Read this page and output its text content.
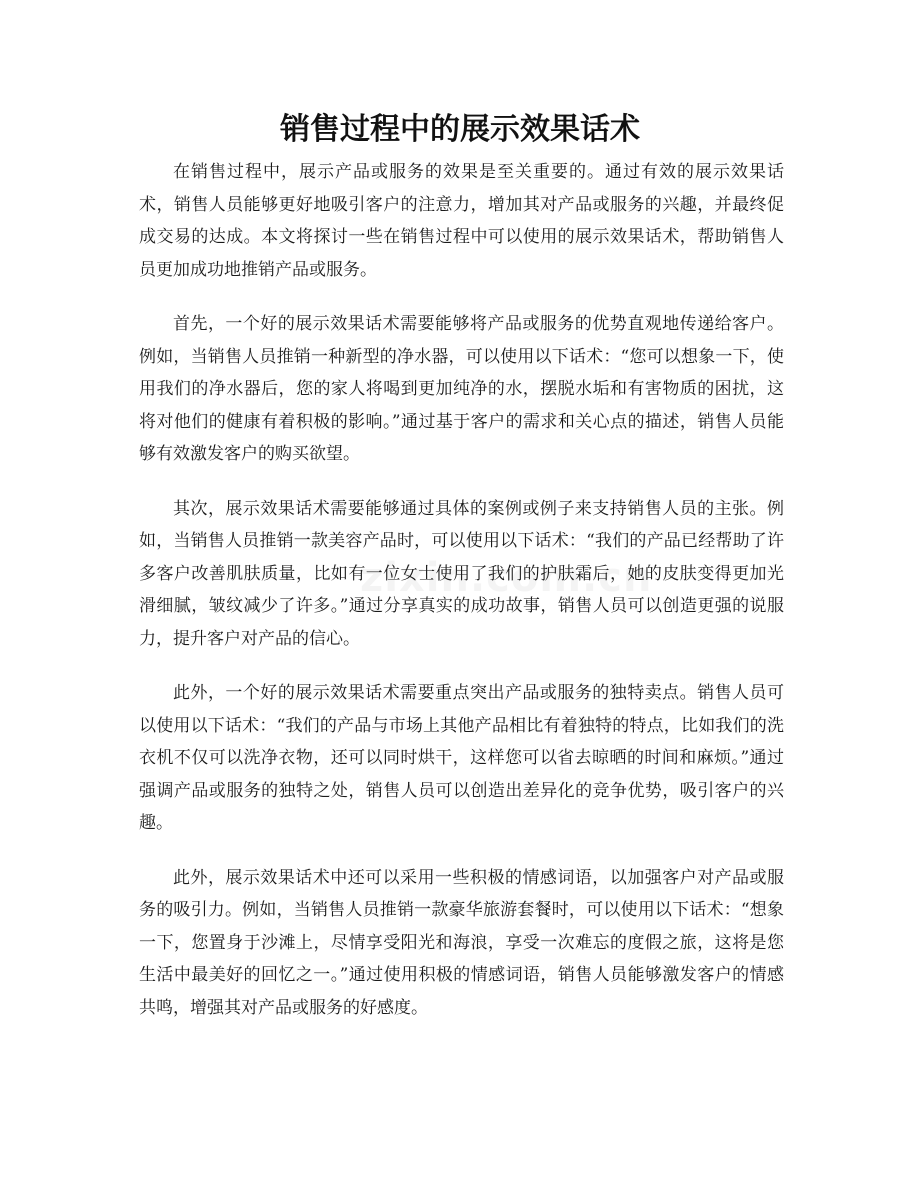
销售过程中的展示效果话术

在销售过程中，展示产品或服务的效果是至关重要的。通过有效的展示效果话术，销售人员能够更好地吸引客户的注意力，增加其对产品或服务的兴趣，并最终促成交易的达成。本文将探讨一些在销售过程中可以使用的展示效果话术，帮助销售人员更加成功地推销产品或服务。

首先，一个好的展示效果话术需要能够将产品或服务的优势直观地传递给客户。例如，当销售人员推销一种新型的净水器，可以使用以下话术：“您可以想象一下，使用我们的净水器后，您的家人将喝到更加纯净的水，摆脱水垢和有害物质的困扰，这将对他们的健康有着积极的影响。”通过基于客户的需求和关心点的描述，销售人员能够有效激发客户的购买欲望。

其次，展示效果话术需要能够通过具体的案例或例子来支持销售人员的主张。例如，当销售人员推销一款美容产品时，可以使用以下话术：“我们的产品已经帮助了许多客户改善肌肤质量，比如有一位女士使用了我们的护肤霜后，她的皮肤变得更加光滑细腻，皱纹减少了许多。”通过分享真实的成功故事，销售人员可以创造更强的说服力，提升客户对产品的信心。

此外，一个好的展示效果话术需要重点突出产品或服务的独特卖点。销售人员可以使用以下话术：“我们的产品与市场上其他产品相比有着独特的特点，比如我们的洗衣机不仅可以洗净衣物，还可以同时烘干，这样您可以省去晾晒的时间和麻烦。”通过强调产品或服务的独特之处，销售人员可以创造出差异化的竞争优势，吸引客户的兴趣。

此外，展示效果话术中还可以采用一些积极的情感词语，以加强客户对产品或服务的吸引力。例如，当销售人员推销一款豪华旅游套餐时，可以使用以下话术：“想象一下，您置身于沙滩上，尽情享受阳光和海浪，享受一次难忘的度假之旅，这将是您生活中最美好的回忆之一。”通过使用积极的情感词语，销售人员能够激发客户的情感共鸣，增强其对产品或服务的好感度。
